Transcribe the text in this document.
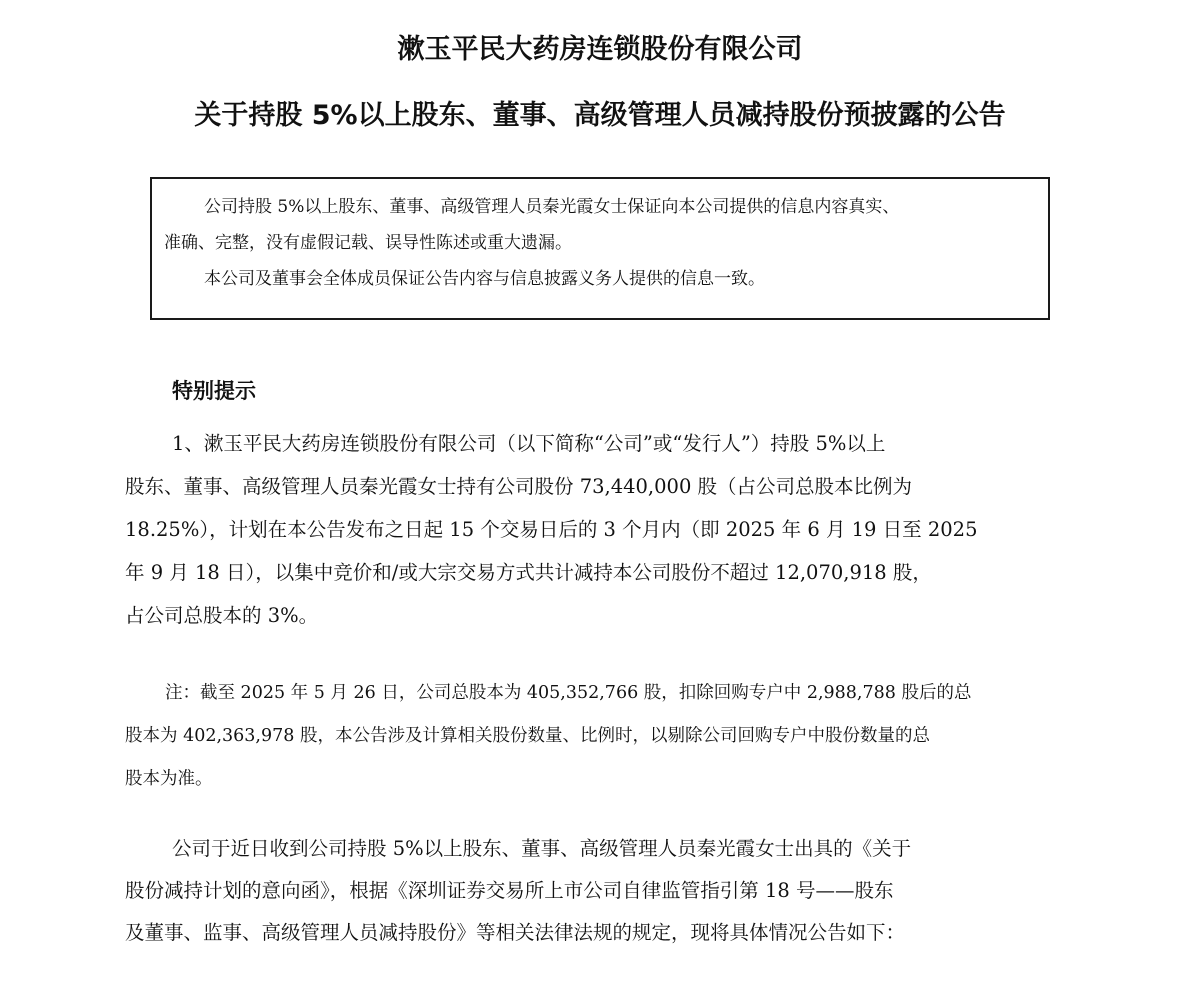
漱玉平民大药房连锁股份有限公司
关于持股 5%以上股东、董事、高级管理人员减持股份预披露的公告

公司持股 5%以上股东、董事、高级管理人员秦光霞女士保证向本公司提供的信息内容真实、

准确、完整，没有虚假记载、误导性陈述或重大遗漏。

本公司及董事会全体成员保证公告内容与信息披露义务人提供的信息一致。

特别提示

1、漱玉平民大药房连锁股份有限公司（以下简称“公司”或“发行人”）持股 5%以上

股东、董事、高级管理人员秦光霞女士持有公司股份 73,440,000 股（占公司总股本比例为

18.25%），计划在本公告发布之日起 15 个交易日后的 3 个月内（即 2025 年 6 月 19 日至 2025

年 9 月 18 日），以集中竞价和/或大宗交易方式共计减持本公司股份不超过 12,070,918 股，

占公司总股本的 3%。

注：截至 2025 年 5 月 26 日，公司总股本为 405,352,766 股，扣除回购专户中 2,988,788 股后的总

股本为 402,363,978 股，本公告涉及计算相关股份数量、比例时，以剔除公司回购专户中股份数量的总

股本为准。

公司于近日收到公司持股 5%以上股东、董事、高级管理人员秦光霞女士出具的《关于

股份减持计划的意向函》，根据《深圳证券交易所上市公司自律监管指引第 18 号——股东

及董事、监事、高级管理人员减持股份》等相关法律法规的规定，现将具体情况公告如下：
